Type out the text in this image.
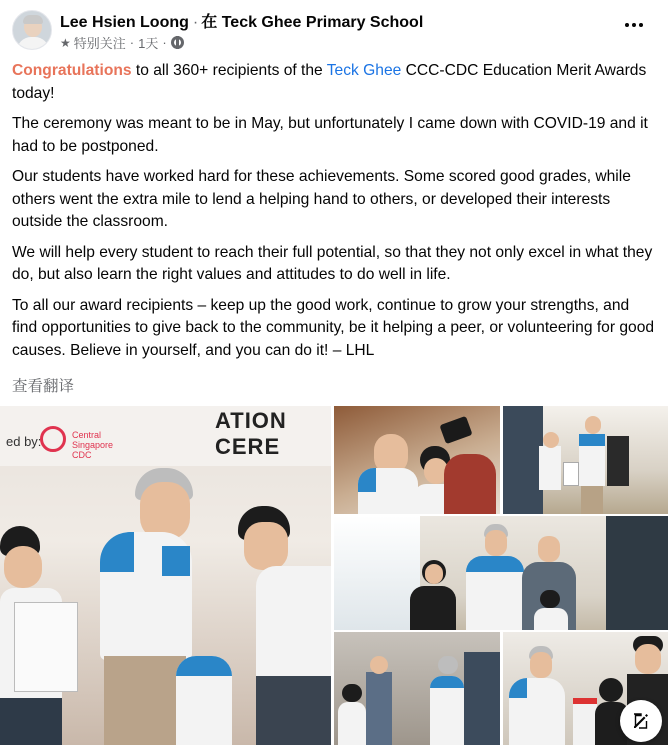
Lee Hsien Loong · 在 Teck Ghee Primary School
★ 特别关注 · 1天 ·

Congratulations to all 360+ recipients of the Teck Ghee CCC-CDC Education Merit Awards today!

The ceremony was meant to be in May, but unfortunately I came down with COVID-19 and it had to be postponed.

Our students have worked hard for these achievements. Some scored good grades, while others went the extra mile to lend a helping hand to others, or developed their interests outside the classroom.

We will help every student to reach their full potential, so that they not only excel in what they do, but also learn the right values and attitudes to do well in life.

To all our award recipients – keep up the good work, continue to grow your strengths, and find opportunities to give back to the community, be it helping a peer, or volunteering for good causes. Believe in yourself, and you can do it! – LHL

查看翻译
ATION CERE
ed by:	Central
Singapore
CDC
